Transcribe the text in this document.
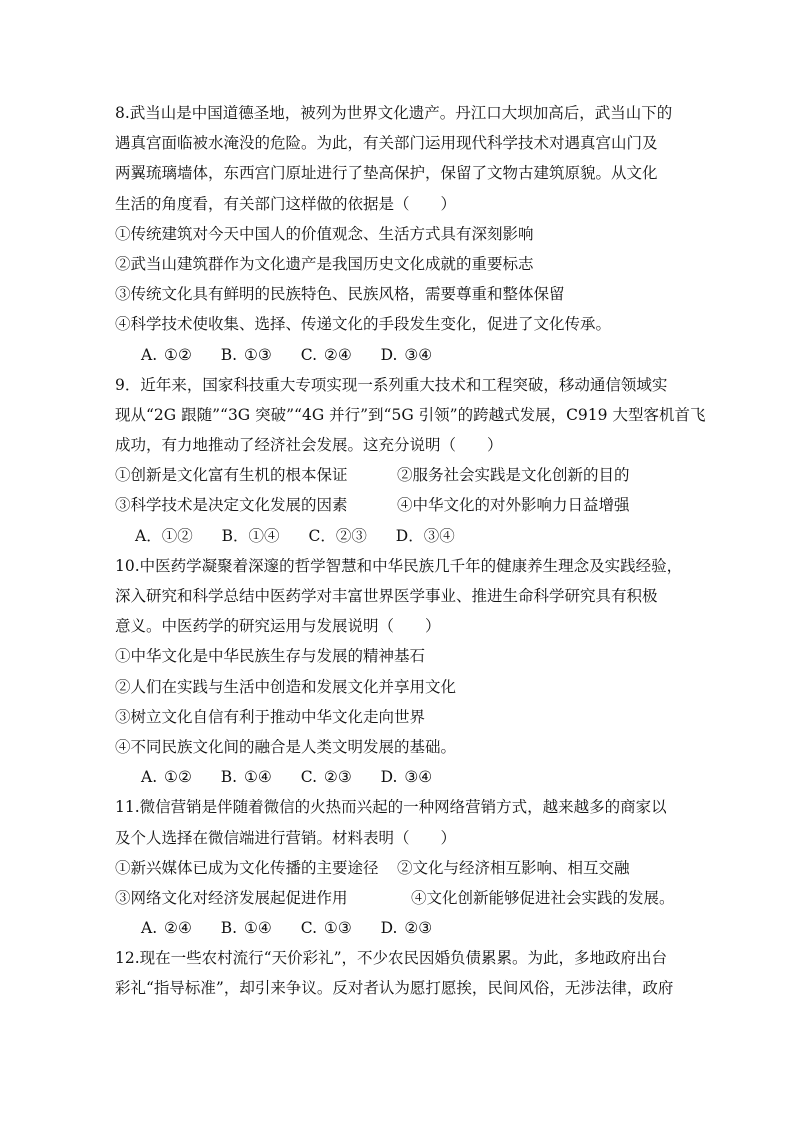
8.武当山是中国道德圣地，被列为世界文化遗产。丹江口大坝加高后，武当山下的
遇真宫面临被水淹没的危险。为此，有关部门运用现代科学技术对遇真宫山门及
两翼琉璃墙体，东西宫门原址进行了垫高保护，保留了文物古建筑原貌。从文化
生活的角度看，有关部门这样做的依据是（　　）
①传统建筑对今天中国人的价值观念、生活方式具有深刻影响
②武当山建筑群作为文化遗产是我国历史文化成就的重要标志
③传统文化具有鲜明的民族特色、民族风格，需要尊重和整体保留
④科学技术使收集、选择、传递文化的手段发生变化，促进了文化传承。
A. ①② B. ①③ C. ②④ D. ③④
9．近年来，国家科技重大专项实现一系列重大技术和工程突破，移动通信领域实
现从“2G 跟随”“3G 突破”“4G 并行”到“5G 引领”的跨越式发展，C919 大型客机首飞
成功，有力地推动了经济社会发展。这充分说明（　　）
①创新是文化富有生机的根本保证	②服务社会实践是文化创新的目的
③科学技术是决定文化发展的因素	④中华文化的对外影响力日益增强
A．①② B．①④ C．②③ D．③④
10.中医药学凝聚着深邃的哲学智慧和中华民族几千年的健康养生理念及实践经验，
深入研究和科学总结中医药学对丰富世界医学事业、推进生命科学研究具有积极
意义。中医药学的研究运用与发展说明（　　）
①中华文化是中华民族生存与发展的精神基石
②人们在实践与生活中创造和发展文化并享用文化
③树立文化自信有利于推动中华文化走向世界
④不同民族文化间的融合是人类文明发展的基础。
A. ①② B. ①④ C. ②③ D. ③④
11.微信营销是伴随着微信的火热而兴起的一种网络营销方式，越来越多的商家以
及个人选择在微信端进行营销。材料表明（　　）
①新兴媒体已成为文化传播的主要途径 ②文化与经济相互影响、相互交融
③网络文化对经济发展起促进作用	④文化创新能够促进社会实践的发展。
A. ②④ B. ①④ C. ①③ D. ②③
12.现在一些农村流行“天价彩礼”，不少农民因婚负债累累。为此，多地政府出台
彩礼“指导标准”，却引来争议。反对者认为愿打愿挨，民间风俗，无涉法律，政府
